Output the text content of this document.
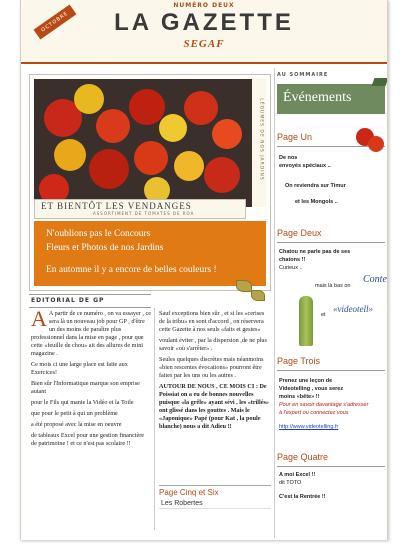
NUMÉRO DEUX
LA GAZETTE
SEGAF
OCTOBRE 2011
LÉGUMES DE NOS JARDINS
ET BIENTÔT LES VENDANGES
ASSORTIMENT DE TOMATES DE ROA
N'oublions pas le Concours
Fleurs et Photos de nos Jardins
En automne il y a encore de belles couleurs !
EDITORIAL DE GP

A A partir de ce numéro , on va essayer , ce sera là un nouveau job pour GP , d'être un des moins de paraître plus professionnel dans la mise en page , pour que cette «feuille de chou» ait des allures de mini magazine .

Ce mois ci une large place est faite aux Exercices!

Bien sûr l'Informatique marque son emprise autant

pour le Fils qui manie la Vidéo et la Toile

que pour le petit à qui un problème

a été proposé avec la mise en oeuvre

de tableaux Excel pour une gestion financière de patrimoine ! et ce n'est pas scolaire !!

Sauf exceptions bien sûr , et si les «cerises de la tribu» en sont d'accord , on réservera cette Gazette à nos seuls «faits et gestes»

voulant éviter , par la dispersion ,de ne plus savoir «où s'arrêter» .

Seules quelques discrètes mais néanmoins «bien rescentes évocations» pourront être faites par les uns ou les autres .

AUTOUR DE NOUS , CE MOIS CI : De Poissiat on a eu de bonnes nouvelles puisque «la grêle» ayant sévi , les «trillés» ont glissé dans les gouttes . Mais le «Japonique» Papé (pour Kat , la poule blanche) nous a dit Adieu !!

Page Cinq et Six
Les Robertes
AU SOMMAIRE
Événements
Page Un
De nos
envoyés spéciaux ..
On reviendra sur Timur
et les Mongols ..
Page Deux
Chatou ne parle pas de ses
chatons !!
Curieux ..
mais là bas on
Conte
et
«videotell»
Page Trois
Prenez une leçon de
Videotelling , vous serez
moins «bête» !!
Pour en savoir davantage s'adresser
à l'expert ou connectez vous
http://www.videotelling.fr
Page Quatre
A moi Excel !!
dit TOTO
C'est la Rentrée !!
